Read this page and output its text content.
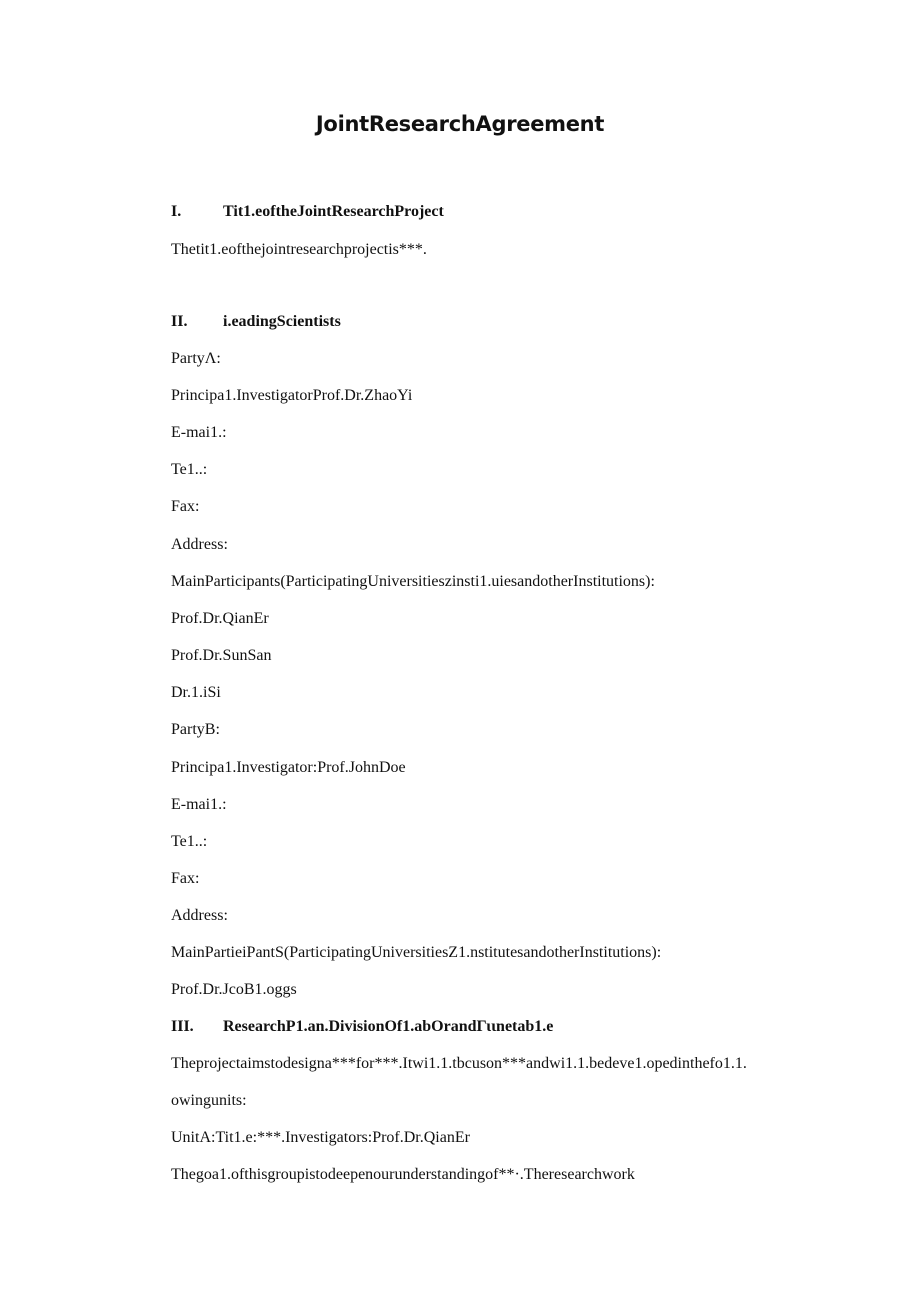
JointResearchAgreement
I.	Tit1.eoftheJointResearchProject
Thetit1.eofthejointresearchprojectis***.
II. i.eadingScientists
PartyΛ:
Principa1.InvestigatorProf.Dr.ZhaoYi
E-mai1.:
Te1..:
Fax:
Address:
MainParticipants(ParticipatingUniversitieszinsti1.uiesandotherInstitutions):
Prof.Dr.QianEr
Prof.Dr.SunSan
Dr.1.iSi
PartyB:
Principa1.Investigator:Prof.JohnDoe
E-mai1.:
Te1..:
Fax:
Address:
MainPartieiPantS(ParticipatingUniversitiesZ1.nstitutesandotherInstitutions):
Prof.Dr.JcoB1.oggs
III. ResearchP1.an.DivisionOf1.abOrandΓιιnetab1.e
Theprojectaimstodesigna***for***.Itwi1.1.tbcuson***andwi1.1.bedeve1.opedinthefo1.1.
owingunits:
UnitA:Tit1.e:***.Investigators:Prof.Dr.QianEr
Thegoa1.ofthisgroupistodeepenourunderstandingof**·.Theresearchwork
